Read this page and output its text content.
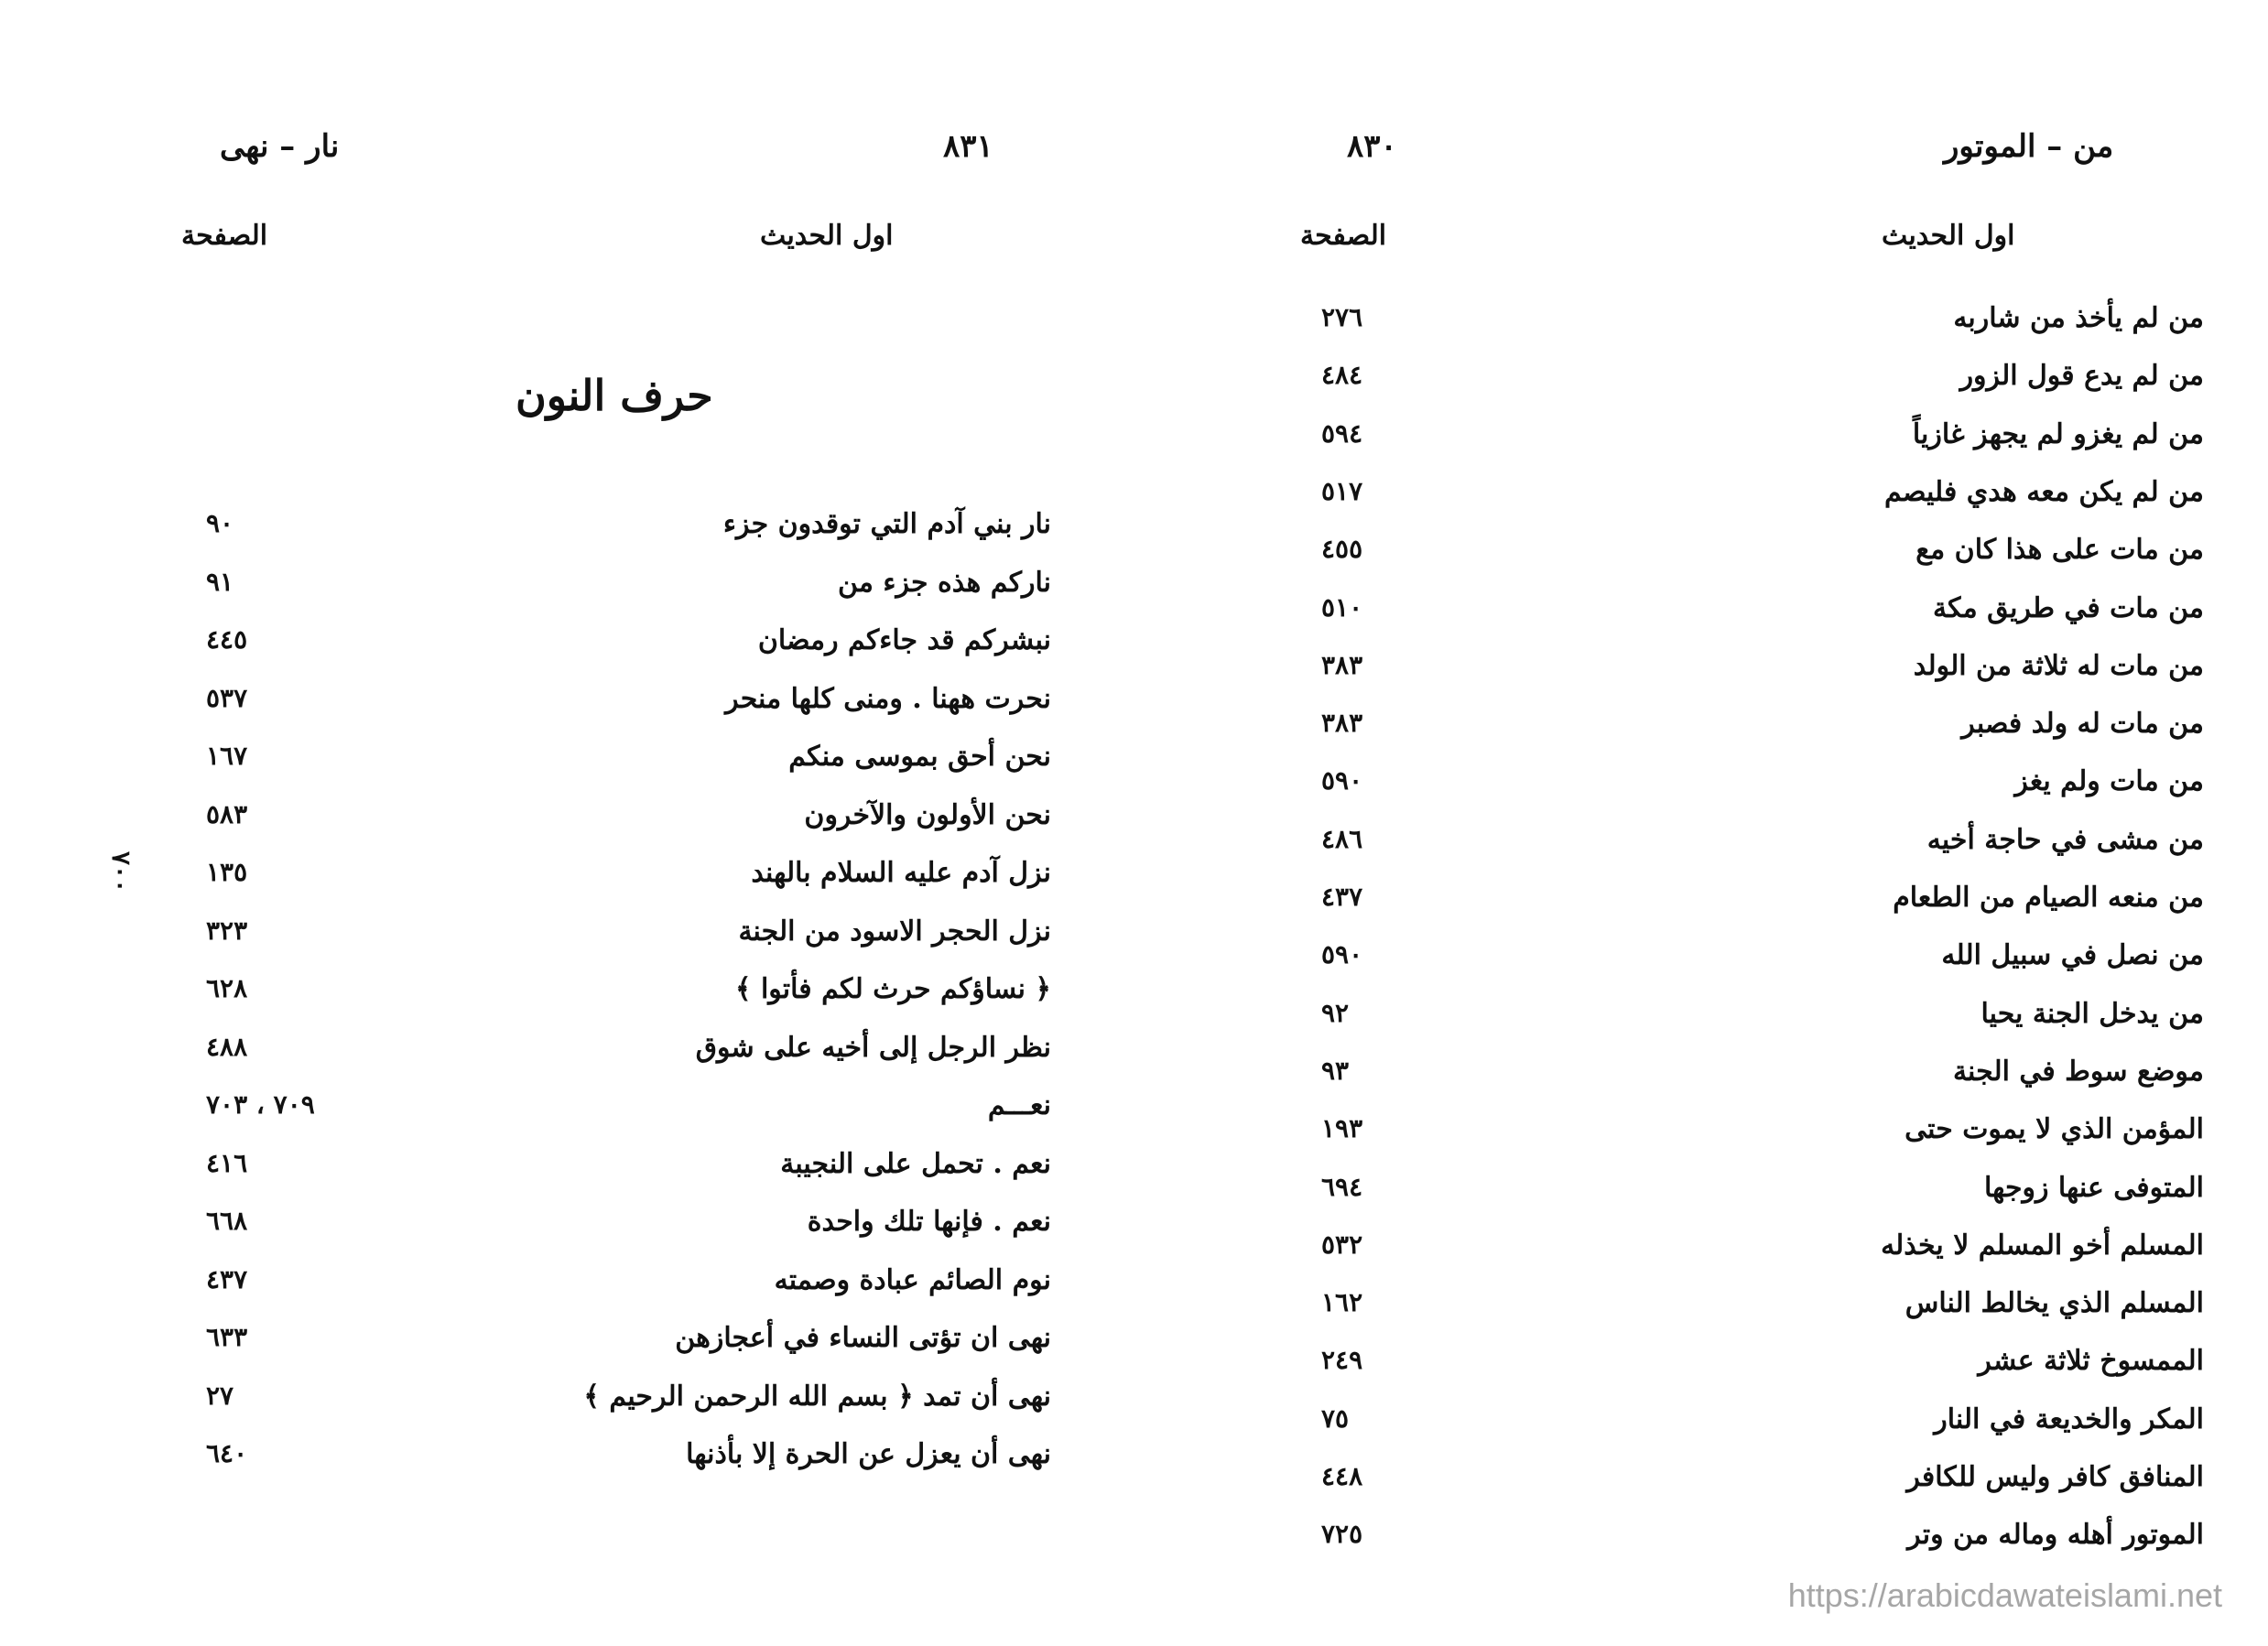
نار – نهى	٨٣١
اول الحديث
الصفحة
حرف النون
٧٠٠
نار بني آدم التي توقدون جزء
٩٠
ناركم هذه جزء من
٩١
نبشركم قد جاءكم رمضان
٤٤٥
نحرت ههنا . ومنى كلها منحر
٥٣٧
نحن أحق بموسى منكم
١٦٧
نحن الأولون والآخرون
٥٨٣
نزل آدم عليه السلام بالهند
١٣٥
نزل الحجر الاسود من الجنة
٣٢٣
﴿ نساؤكم حرث لكم فأتوا ﴾
٦٢٨
نظر الرجل إلى أخيه على شوق
٤٨٨
نعـــم
٧٠٩ ، ٧٠٣
نعم . تحمل على النجيبة
٤١٦
نعم . فإنها تلك واحدة
٦٦٨
نوم الصائم عبادة وصمته
٤٣٧
نهى ان تؤتى النساء في أعجازهن
٦٣٣
نهى أن تمد ﴿ بسم الله الرحمن الرحيم ﴾
٢٧
نهى أن يعزل عن الحرة إلا بأذنها
٦٤٠
من – الموتور
٨٣٠
اول الحديث
الصفحة
من لم يأخذ من شاربه
٢٧٦
من لم يدع قول الزور
٤٨٤
من لم يغزو لم يجهز غازياً
٥٩٤
من لم يكن معه هدي فليصم
٥١٧
من مات على هذا كان مع
٤٥٥
من مات في طريق مكة
٥١٠
من مات له ثلاثة من الولد
٣٨٣
من مات له ولد فصبر
٣٨٣
من مات ولم يغز
٥٩٠
من مشى في حاجة أخيه
٤٨٦
من منعه الصيام من الطعام
٤٣٧
من نصل في سبيل الله
٥٩٠
من يدخل الجنة يحيا
٩٢
موضع سوط في الجنة
٩٣
المؤمن الذي لا يموت حتى
١٩٣
المتوفى عنها زوجها
٦٩٤
المسلم أخو المسلم لا يخذله
٥٣٢
المسلم الذي يخالط الناس
١٦٢
الممسوخ ثلاثة عشر
٢٤٩
المكر والخديعة في النار
٧٥
المنافق كافر وليس للكافر
٤٤٨
الموتور أهله وماله من وتر
٧٢٥
https://arabicdawateislami.net
